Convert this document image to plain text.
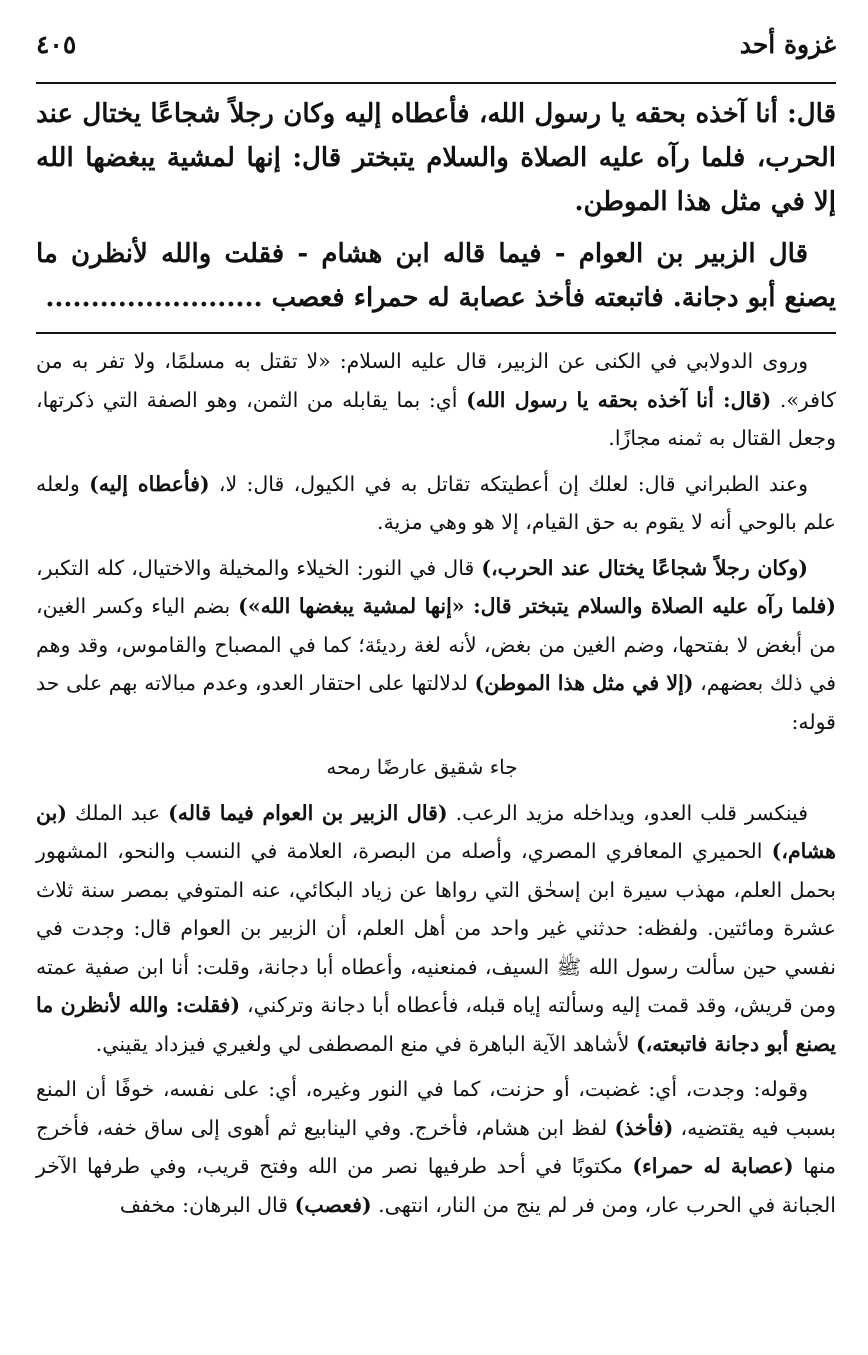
غزوة أحد
٤٠٥

قال: أنا آخذه بحقه يا رسول الله، فأعطاه إليه وكان رجلاً شجاعًا يختال عند الحرب، فلما رآه عليه الصلاة والسلام يتبختر قال: إنها لمشية يبغضها الله إلا في مثل هذا الموطن.

قال الزبير بن العوام - فيما قاله ابن هشام - فقلت والله لأنظرن ما يصنع أبو دجانة. فاتبعته فأخذ عصابة له حمراء فعصب ........................

وروى الدولابي في الكنى عن الزبير، قال عليه السلام: «لا تقتل به مسلمًا، ولا تفر به من كافر». (قال: أنا آخذه بحقه يا رسول الله) أي: بما يقابله من الثمن، وهو الصفة التي ذكرتها، وجعل القتال به ثمنه مجازًا.

وعند الطبراني قال: لعلك إن أعطيتكه تقاتل به في الكيول، قال: لا، (فأعطاه إليه) ولعله علم بالوحي أنه لا يقوم به حق القيام، إلا هو وهي مزية.

(وكان رجلاً شجاعًا يختال عند الحرب،) قال في النور: الخيلاء والمخيلة والاختيال، كله التكبر، (فلما رآه عليه الصلاة والسلام يتبختر قال: «إنها لمشية يبغضها الله») بضم الياء وكسر الغين، من أبغض لا بفتحها، وضم الغين من بغض، لأنه لغة رديئة؛ كما في المصباح والقاموس، وقد وهم في ذلك بعضهم، (إلا في مثل هذا الموطن) لدلالتها على احتقار العدو، وعدم مبالاته بهم على حد قوله:

جاء شقيق عارضًا رمحه

فينكسر قلب العدو، ويداخله مزيد الرعب. (قال الزبير بن العوام فيما قاله) عبد الملك (بن هشام،) الحميري المعافري المصري، وأصله من البصرة، العلامة في النسب والنحو، المشهور بحمل العلم، مهذب سيرة ابن إسحٰق التي رواها عن زياد البكائي، عنه المتوفي بمصر سنة ثلاث عشرة ومائتين. ولفظه: حدثني غير واحد من أهل العلم، أن الزبير بن العوام قال: وجدت في نفسي حين سألت رسول الله ﷺ السيف، فمنعنيه، وأعطاه أبا دجانة، وقلت: أنا ابن صفية عمته ومن قريش، وقد قمت إليه وسألته إياه قبله، فأعطاه أبا دجانة وتركني، (فقلت: والله لأنظرن ما يصنع أبو دجانة فاتبعته،) لأشاهد الآية الباهرة في منع المصطفى لي ولغيري فيزداد يقيني.

وقوله: وجدت، أي: غضبت، أو حزنت، كما في النور وغيره، أي: على نفسه، خوفًا أن المنع بسبب فيه يقتضيه، (فأخذ) لفظ ابن هشام، فأخرج. وفي الينابيع ثم أهوى إلى ساق خفه، فأخرج منها (عصابة له حمراء) مكتوبًا في أحد طرفيها نصر من الله وفتح قريب، وفي طرفها الآخر الجبانة في الحرب عار، ومن فر لم ينج من النار، انتهى. (فعصب) قال البرهان: مخفف
